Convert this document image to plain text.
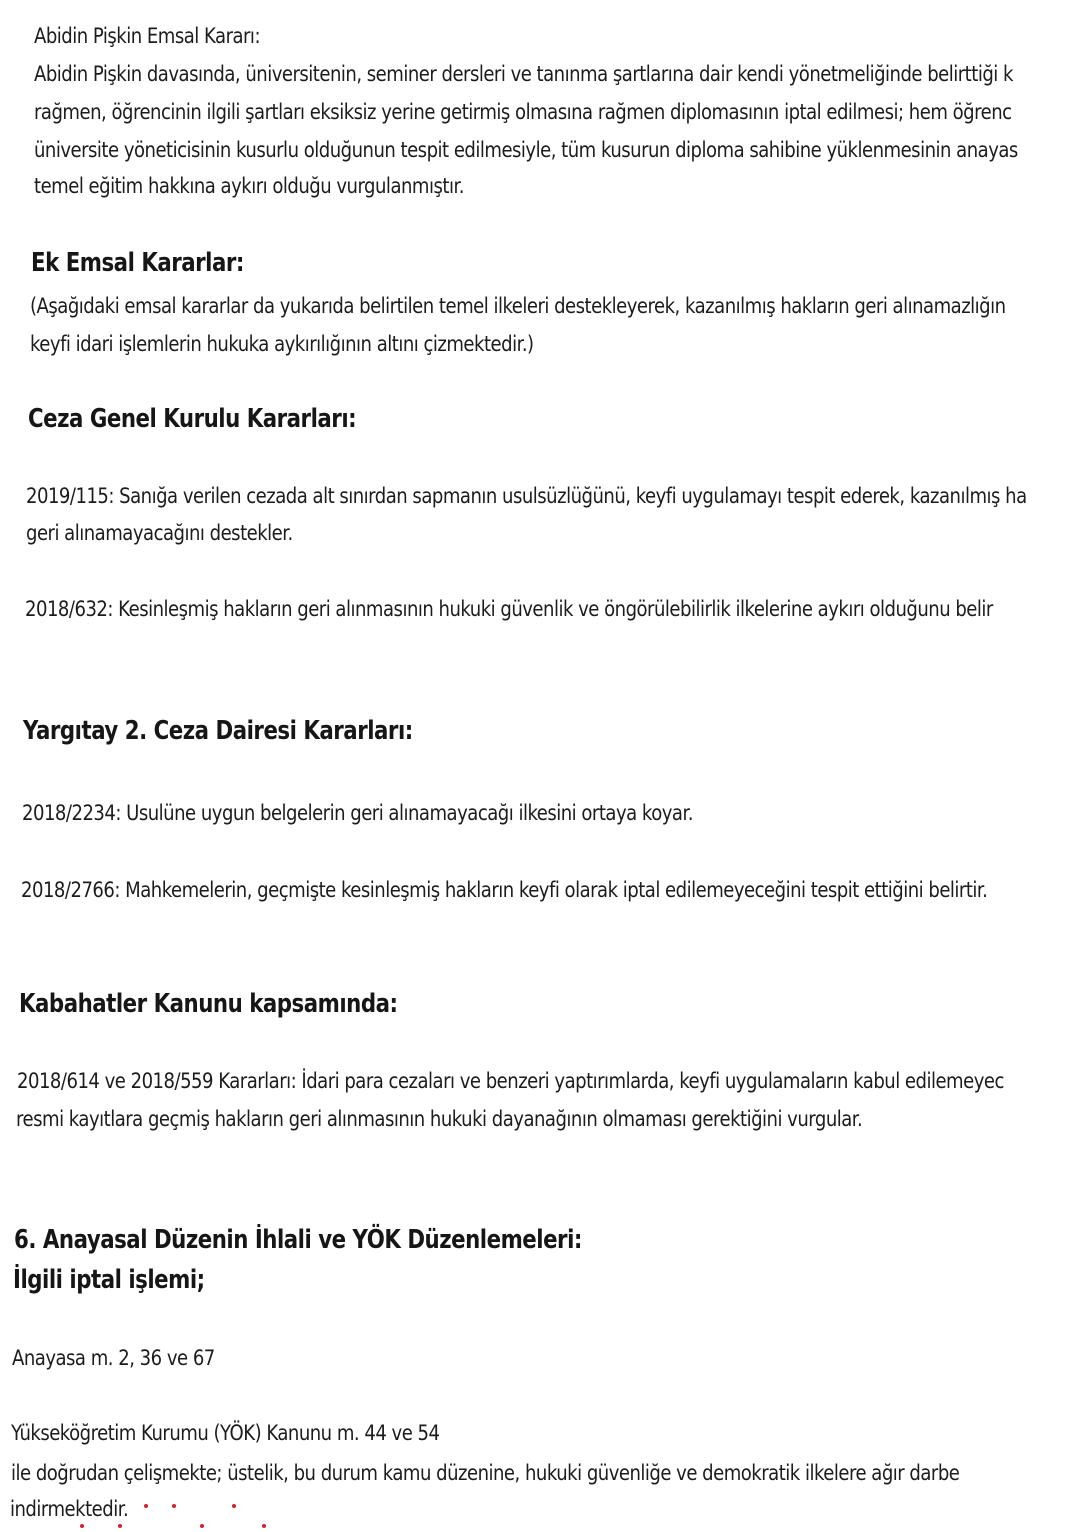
Abidin Pişkin Emsal Kararı:
Abidin Pişkin davasında, üniversitenin, seminer dersleri ve tanınma şartlarına dair kendi yönetmeliğinde belirttiği k
rağmen, öğrencinin ilgili şartları eksiksiz yerine getirmiş olmasına rağmen diplomasının iptal edilmesi; hem öğrenc
üniversite yöneticisinin kusurlu olduğunun tespit edilmesiyle, tüm kusurun diploma sahibine yüklenmesinin anayas
temel eğitim hakkına aykırı olduğu vurgulanmıştır.
Ek Emsal Kararlar:
(Aşağıdaki emsal kararlar da yukarıda belirtilen temel ilkeleri destekleyerek, kazanılmış hakların geri alınamazlığın
keyfi idari işlemlerin hukuka aykırılığının altını çizmektedir.)
Ceza Genel Kurulu Kararları:
2019/115: Sanığa verilen cezada alt sınırdan sapmanın usulsüzlüğünü, keyfi uygulamayı tespit ederek, kazanılmış ha
geri alınamayacağını destekler.
2018/632: Kesinleşmiş hakların geri alınmasının hukuki güvenlik ve öngörülebilirlik ilkelerine aykırı olduğunu belir
Yargıtay 2. Ceza Dairesi Kararları:
2018/2234: Usulüne uygun belgelerin geri alınamayacağı ilkesini ortaya koyar.
2018/2766: Mahkemelerin, geçmişte kesinleşmiş hakların keyfi olarak iptal edilemeyeceğini tespit ettiğini belirtir.
Kabahatler Kanunu kapsamında:
2018/614 ve 2018/559 Kararları: İdari para cezaları ve benzeri yaptırımlarda, keyfi uygulamaların kabul edilemeyec
resmi kayıtlara geçmiş hakların geri alınmasının hukuki dayanağının olmaması gerektiğini vurgular.
6. Anayasal Düzenin İhlali ve YÖK Düzenlemeleri:
İlgili iptal işlemi;
Anayasa m. 2, 36 ve 67
Yükseköğretim Kurumu (YÖK) Kanunu m. 44 ve 54
ile doğrudan çelişmekte; üstelik, bu durum kamu düzenine, hukuki güvenliğe ve demokratik ilkelere ağır darbe
indirmektedir.
